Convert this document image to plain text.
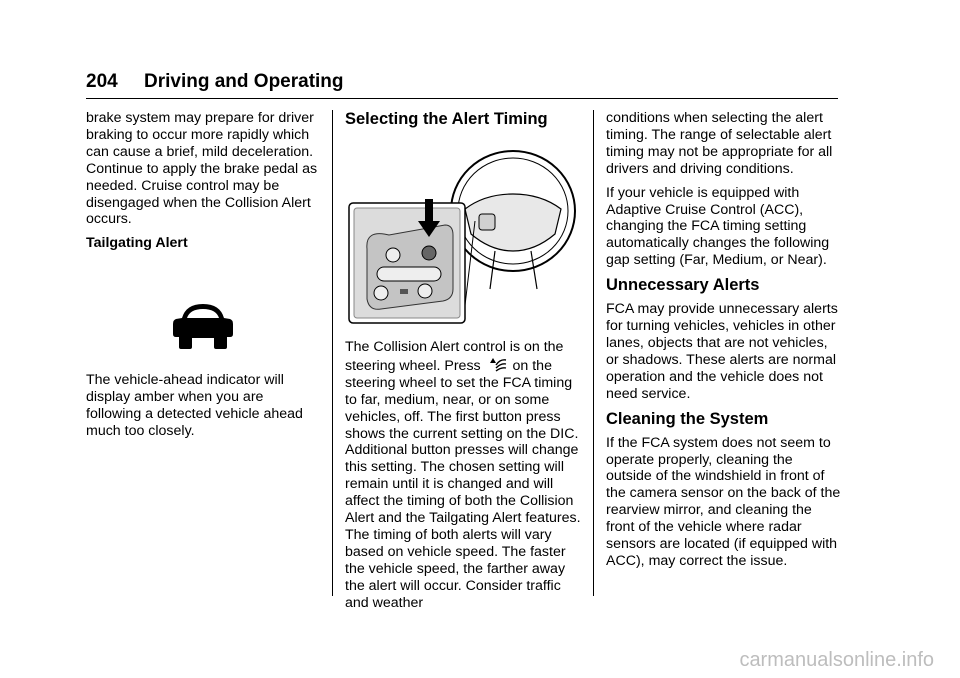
204 Driving and Operating

brake system may prepare for driver braking to occur more rapidly which can cause a brief, mild deceleration. Continue to apply the brake pedal as needed. Cruise control may be disengaged when the Collision Alert occurs.

Tailgating Alert

The vehicle-ahead indicator will display amber when you are following a detected vehicle ahead much too closely.

Selecting the Alert Timing

The Collision Alert control is on the steering wheel. Press  on the steering wheel to set the FCA timing to far, medium, near, or on some vehicles, off. The first button press shows the current setting on the DIC. Additional button presses will change this setting. The chosen setting will remain until it is changed and will affect the timing of both the Collision Alert and the Tailgating Alert features. The timing of both alerts will vary based on vehicle speed. The faster the vehicle speed, the farther away the alert will occur. Consider traffic and weather

conditions when selecting the alert timing. The range of selectable alert timing may not be appropriate for all drivers and driving conditions.

If your vehicle is equipped with Adaptive Cruise Control (ACC), changing the FCA timing setting automatically changes the following gap setting (Far, Medium, or Near).

Unnecessary Alerts

FCA may provide unnecessary alerts for turning vehicles, vehicles in other lanes, objects that are not vehicles, or shadows. These alerts are normal operation and the vehicle does not need service.

Cleaning the System

If the FCA system does not seem to operate properly, cleaning the outside of the windshield in front of the camera sensor on the back of the rearview mirror, and cleaning the front of the vehicle where radar sensors are located (if equipped with ACC), may correct the issue.

carmanualsonline.info
